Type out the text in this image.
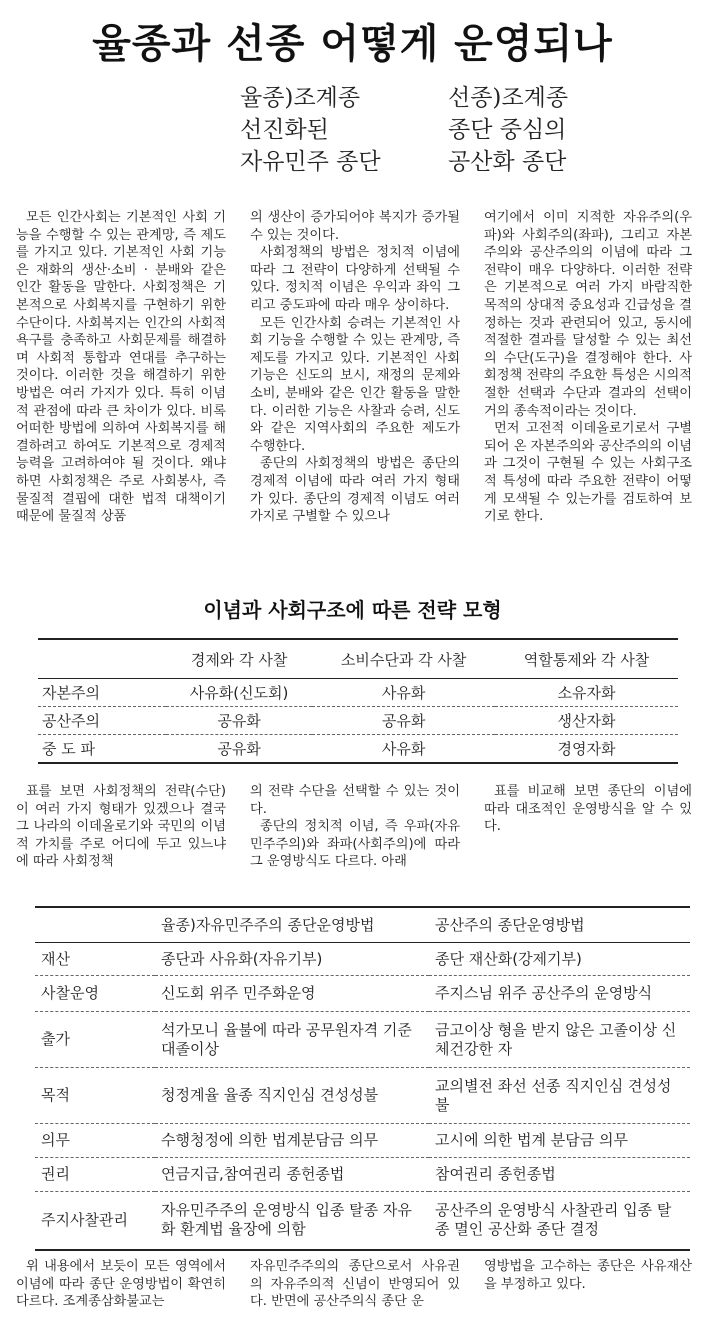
율종과 선종 어떻게 운영되나
율종)조계종
선진화된
자유민주 종단
선종)조계종
종단 중심의
공산화 종단

모든 인간사회는 기본적인 사회 기능을 수행할 수 있는 관계망, 즉 제도를 가지고 있다. 기본적인 사회 기능은 재화의 생산·소비 · 분배와 같은 인간 활동을 말한다. 사회정책은 기본적으로 사회복지를 구현하기 위한 수단이다. 사회복지는 인간의 사회적 욕구를 충족하고 사회문제를 해결하며 사회적 통합과 연대를 추구하는 것이다. 이러한 것을 해결하기 위한 방법은 여러 가지가 있다. 특히 이념적 관점에 따라 큰 차이가 있다. 비록 어떠한 방법에 의하여 사회복지를 해결하려고 하여도 기본적으로 경제적 능력을 고려하여야 될 것이다. 왜냐하면 사회정책은 주로 사회봉사, 즉 물질적 결핍에 대한 법적 대책이기 때문에 물질적 상품

의 생산이 증가되어야 복지가 증가될 수 있는 것이다.

사회정책의 방법은 정치적 이념에 따라 그 전략이 다양하게 선택될 수 있다. 정치적 이념은 우익과 좌익 그리고 중도파에 따라 매우 상이하다.

모든 인간사회 승려는 기본적인 사회 기능을 수행할 수 있는 관계망, 즉 제도를 가지고 있다. 기본적인 사회 기능은 신도의 보시, 재정의 문제와 소비, 분배와 같은 인간 활동을 말한다. 이러한 기능은 사찰과 승려, 신도와 같은 지역사회의 주요한 제도가 수행한다.

종단의 사회정책의 방법은 종단의 경제적 이념에 따라 여러 가지 형태가 있다. 종단의 경제적 이념도 여러 가지로 구별할 수 있으나

여기에서 이미 지적한 자유주의(우파)와 사회주의(좌파), 그리고 자본주의와 공산주의의 이념에 따라 그 전략이 매우 다양하다. 이러한 전략은 기본적으로 여러 가지 바람직한 목적의 상대적 중요성과 긴급성을 결정하는 것과 관련되어 있고, 동시에 적절한 결과를 달성할 수 있는 최선의 수단(도구)을 결정해야 한다. 사회정책 전략의 주요한 특성은 시의적절한 선택과 수단과 결과의 선택이 거의 종속적이라는 것이다.

먼저 고전적 이데올로기로서 구별되어 온 자본주의와 공산주의의 이념과 그것이 구현될 수 있는 사회구조적 특성에 따라 주요한 전략이 어떻게 모색될 수 있는가를 검토하여 보기로 한다.

이념과 사회구조에 따른 전략 모형
	경제와 각 사찰	소비수단과 각 사찰	역할통제와 각 사찰
자본주의	사유화(신도회)	사유화	소유자화
공산주의	공유화	공유화	생산자화
중 도 파	공유화	사유화	경영자화

표를 보면 사회정책의 전략(수단)이 여러 가지 형태가 있겠으나 결국 그 나라의 이데올로기와 국민의 이념적 가치를 주로 어디에 두고 있느냐에 따라 사회정책

의 전략 수단을 선택할 수 있는 것이다.

종단의 정치적 이념, 즉 우파(자유민주주의)와 좌파(사회주의)에 따라 그 운영방식도 다르다. 아래

표를 비교해 보면 종단의 이념에 따라 대조적인 운영방식을 알 수 있다.

	율종)자유민주주의 종단운영방법	공산주의 종단운영방법
재산	종단과 사유화(자유기부)	종단 재산화(강제기부)
사찰운영	신도회 위주 민주화운영	주지스님 위주 공산주의 운영방식
출가	석가모니 율불에 따라 공무원자격 기준 대졸이상	금고이상 형을 받지 않은 고졸이상 신체건강한 자
목적	청정계율 율종 직지인심 견성성불	교의별전 좌선 선종 직지인심 견성성불
의무	수행청정에 의한 법계분담금 의무	고시에 의한 법계 분담금 의무
권리	연금지급,참여권리 종헌종법	참여권리 종헌종법
주지사찰관리	자유민주주의 운영방식 입종 탈종 자유화 환계법 율장에 의함	공산주의 운영방식 사찰관리 입종 탈종 멸인 공산화 종단 결정

위 내용에서 보듯이 모든 영역에서 이념에 따라 종단 운영방법이 확연히 다르다. 조계종삼화불교는

자유민주주의의 종단으로서 사유권의 자유주의적 신념이 반영되어 있다. 반면에 공산주의식 종단 운

영방법을 고수하는 종단은 사유재산을 부정하고 있다.
